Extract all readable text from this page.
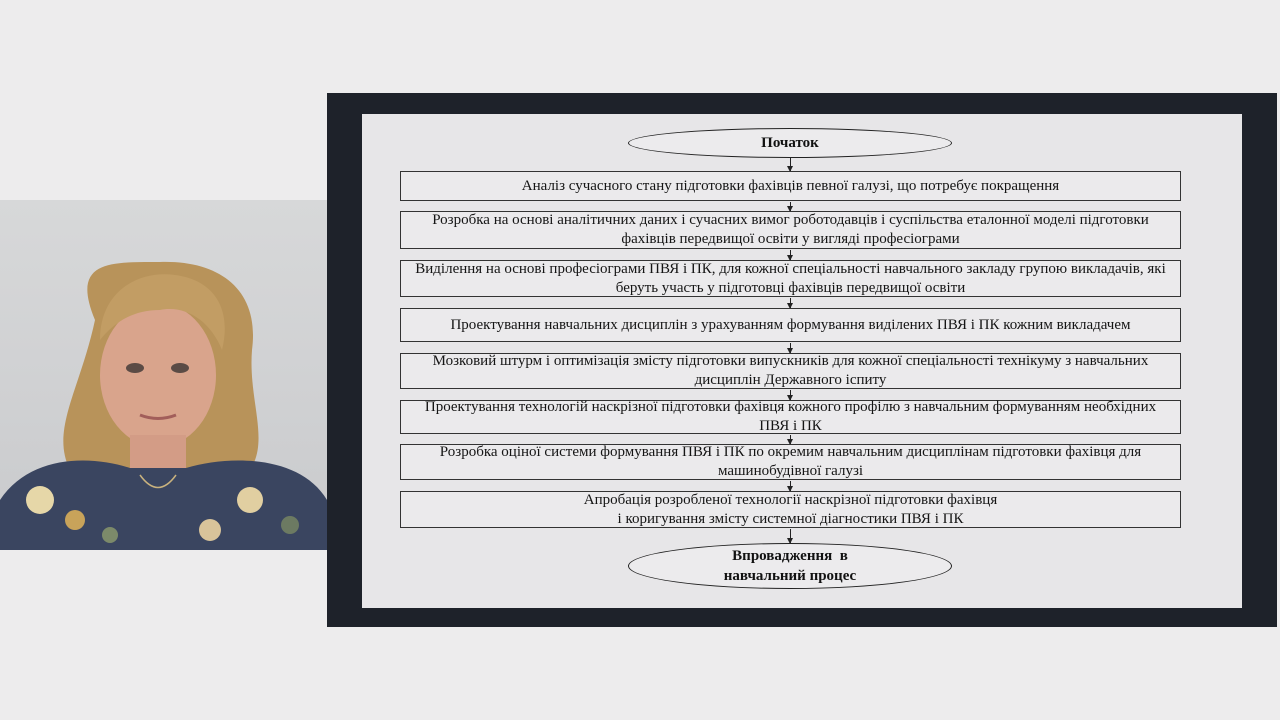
Початок
Аналіз сучасного стану підготовки фахівців певної галузі, що потребує покращення
Розробка на основі аналітичних даних і сучасних вимог роботодавців і суспільства еталонної моделі підготовки фахівців передвищої освіти у вигляді професіограми
Виділення на основі професіограми ПВЯ і ПК, для кожної спеціальності навчального закладу групою викладачів, які беруть участь у підготовці фахівців передвищої освіти
Проектування навчальних дисциплін з урахуванням формування виділених ПВЯ і ПК кожним викладачем
Мозковий штурм і оптимізація змісту підготовки випускників для кожної спеціальності технікуму з навчальних дисциплін Державного іспиту
Проектування технологій наскрізної підготовки фахівця кожного профілю з навчальним формуванням необхідних ПВЯ і ПК
Розробка оціної системи формування ПВЯ і ПК по окремим навчальним дисциплінам підготовки фахівця для машинобудівної галузі
Апробація розробленої технології наскрізної підготовки фахівця
і коригування змісту системної діагностики ПВЯ і ПК
Впровадження  в
навчальний процес
